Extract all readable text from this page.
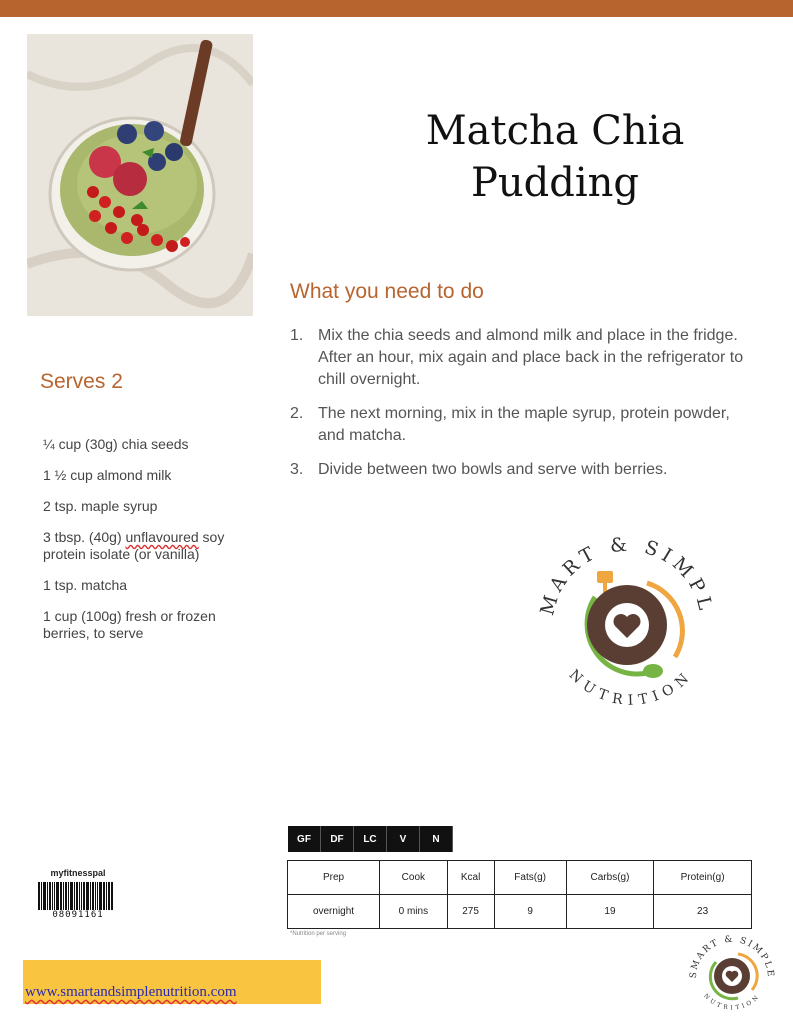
Matcha Chia
Pudding
Serves 2
¼ cup (30g) chia seeds
1 ½ cup almond milk
2 tsp. maple syrup
3 tbsp. (40g) unflavoured soy protein isolate (or vanilla)
1 tsp. matcha
1 cup (100g) fresh or frozen berries, to serve
What you need to do
1. Mix the chia seeds and almond milk and place in the fridge. After an hour, mix again and place back in the refrigerator to chill overnight.
2. The next morning, mix in the maple syrup, protein powder, and matcha.
3. Divide between two bowls and serve with berries.
MART & SIMPL
NUTRITION
GF	DF	LC	V	N
Prep	Cook	Kcal	Fats(g)	Carbs(g)	Protein(g)
overnight	0 mins	275	9	19	23
*Nutrition per serving
myfitnesspal
08091161
www.smartandsimplenutrition.com
SMART & SIMPLE
NUTRITION
